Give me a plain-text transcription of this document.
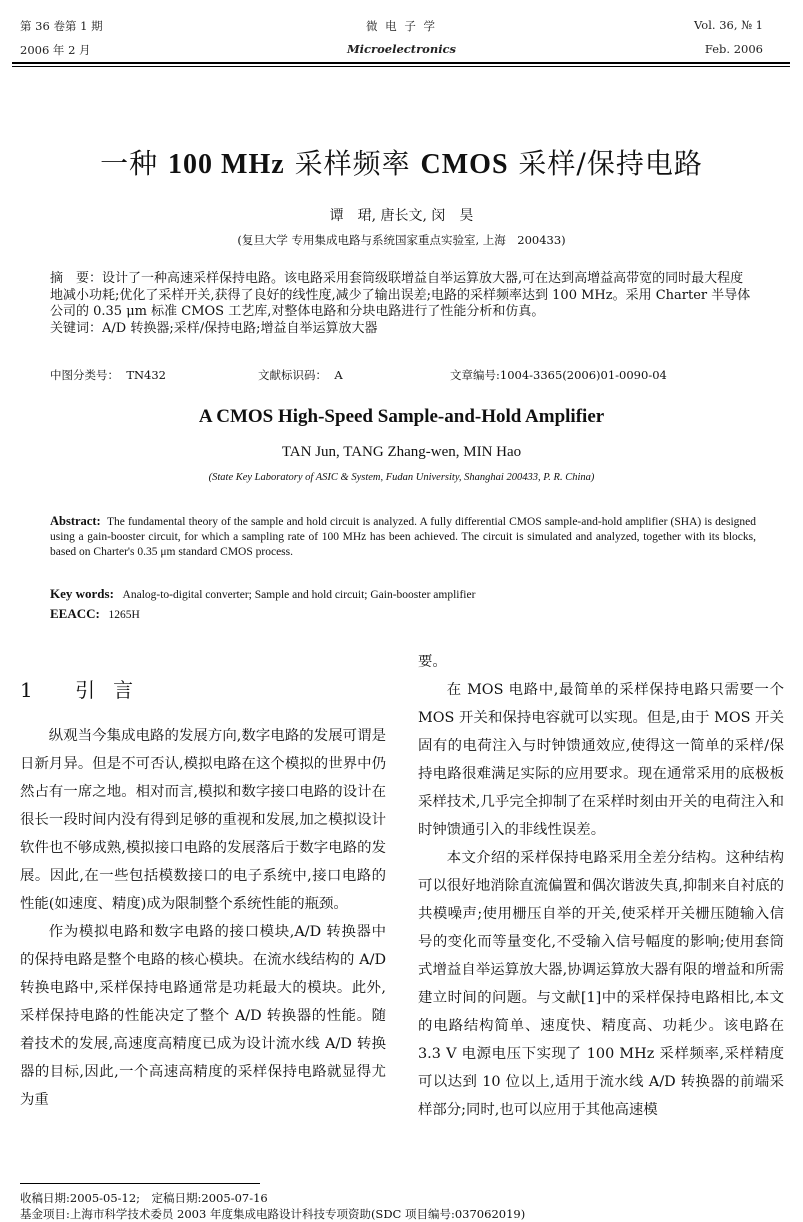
第 36 卷第 1 期
2006 年 2 月
微 电 子 学
Microelectronics
Vol. 36, № 1
Feb. 2006
一种 100 MHz 采样频率 CMOS 采样/保持电路
谭　珺, 唐长文, 闵　昊
(复旦大学 专用集成电路与系统国家重点实验室, 上海　200433)

摘　要：设计了一种高速采样保持电路。该电路采用套筒级联增益自举运算放大器,可在达到高增益高带宽的同时最大程度地减小功耗;优化了采样开关,获得了良好的线性度,减少了输出误差;电路的采样频率达到 100 MHz。采用 Charter 半导体公司的 0.35 μm 标准 CMOS 工艺库,对整体电路和分块电路进行了性能分析和仿真。

关键词：A/D 转换器;采样/保持电路;增益自举运算放大器

中图分类号： TN432	文献标识码： A	文章编号:1004-3365(2006)01-0090-04
A CMOS High-Speed Sample-and-Hold Amplifier
TAN Jun, TANG Zhang-wen, MIN Hao
(State Key Laboratory of ASIC & System, Fudan University, Shanghai 200433, P. R. China)
Abstract: The fundamental theory of the sample and hold circuit is analyzed. A fully differential CMOS sample-and-hold amplifier (SHA) is designed using a gain-booster circuit, for which a sampling rate of 100 MHz has been achieved. The circuit is simulated and analyzed, together with its blocks, based on Charter's 0.35 μm standard CMOS process.
Key words: Analog-to-digital converter; Sample and hold circuit; Gain-booster amplifier
EEACC: 1265H
1 引言

纵观当今集成电路的发展方向,数字电路的发展可谓是日新月异。但是不可否认,模拟电路在这个模拟的世界中仍然占有一席之地。相对而言,模拟和数字接口电路的设计在很长一段时间内没有得到足够的重视和发展,加之模拟设计软件也不够成熟,模拟接口电路的发展落后于数字电路的发展。因此,在一些包括模数接口的电子系统中,接口电路的性能(如速度、精度)成为限制整个系统性能的瓶颈。

作为模拟电路和数字电路的接口模块,A/D 转换器中的保持电路是整个电路的核心模块。在流水线结构的 A/D 转换电路中,采样保持电路通常是功耗最大的模块。此外,采样保持电路的性能决定了整个 A/D 转换器的性能。随着技术的发展,高速度高精度已成为设计流水线 A/D 转换器的目标,因此,一个高速高精度的采样保持电路就显得尤为重

要。

在 MOS 电路中,最简单的采样保持电路只需要一个 MOS 开关和保持电容就可以实现。但是,由于 MOS 开关固有的电荷注入与时钟馈通效应,使得这一简单的采样/保持电路很难满足实际的应用要求。现在通常采用的底极板采样技术,几乎完全抑制了在采样时刻由开关的电荷注入和时钟馈通引入的非线性误差。

本文介绍的采样保持电路采用全差分结构。这种结构可以很好地消除直流偏置和偶次谐波失真,抑制来自衬底的共模噪声;使用栅压自举的开关,使采样开关栅压随输入信号的变化而等量变化,不受输入信号幅度的影响;使用套筒式增益自举运算放大器,协调运算放大器有限的增益和所需建立时间的问题。与文献[1]中的采样保持电路相比,本文的电路结构简单、速度快、精度高、功耗少。该电路在 3.3 V 电源电压下实现了 100 MHz 采样频率,采样精度可以达到 10 位以上,适用于流水线 A/D 转换器的前端采样部分;同时,也可以应用于其他高速模

收稿日期:2005-05-12;　定稿日期:2005-07-16
基金项目:上海市科学技术委员 2003 年度集成电路设计科技专项资助(SDC 项目编号:037062019)
